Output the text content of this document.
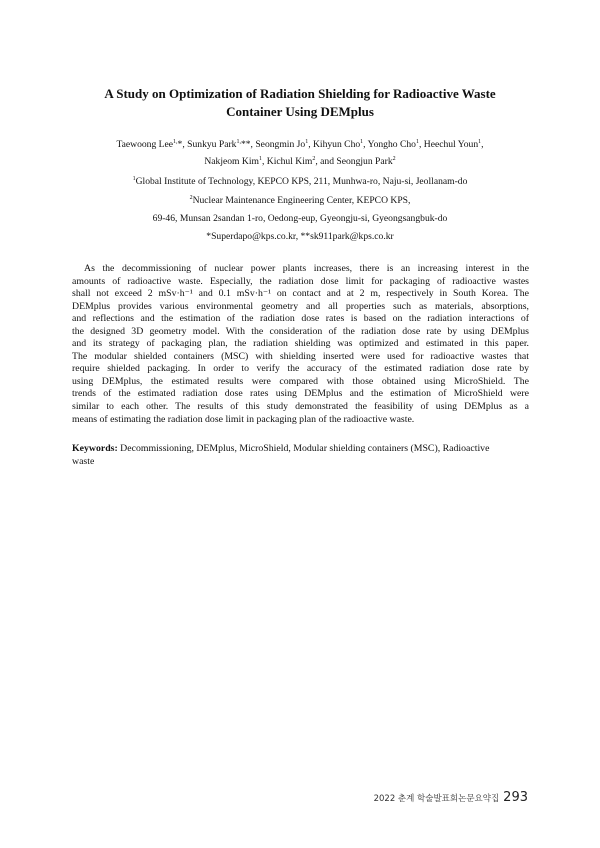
A Study on Optimization of Radiation Shielding for Radioactive Waste
Container Using DEMplus
Taewoong Lee$^{1,}$*, Sunkyu Park$^{1,}$**, Seongmin Jo$^1$, Kihyun Cho$^1$, Yongho Cho$^1$, Heechul Youn$^1$,
Nakjeom Kim$^1$, Kichul Kim$^2$, and Seongjun Park$^2$
$^1$Global Institute of Technology, KEPCO KPS, 211, Munhwa-ro, Naju-si, Jeollanam-do
$^2$Nuclear Maintenance Engineering Center, KEPCO KPS,
69-46, Munsan 2sandan 1-ro, Oedong-eup, Gyeongju-si, Gyeongsangbuk-do
*Superdapo@kps.co.kr, **sk911park@kps.co.kr
As the decommissioning of nuclear power plants increases, there is an increasing interest in the
amounts of radioactive waste. Especially, the radiation dose limit for packaging of radioactive wastes
shall not exceed 2 mSv·h⁻¹ and 0.1 mSv·h⁻¹ on contact and at 2 m, respectively in South Korea. The
DEMplus provides various environmental geometry and all properties such as materials, absorptions,
and reflections and the estimation of the radiation dose rates is based on the radiation interactions of
the designed 3D geometry model. With the consideration of the radiation dose rate by using DEMplus
and its strategy of packaging plan, the radiation shielding was optimized and estimated in this paper.
The modular shielded containers (MSC) with shielding inserted were used for radioactive wastes that
require shielded packaging. In order to verify the accuracy of the estimated radiation dose rate by
using DEMplus, the estimated results were compared with those obtained using MicroShield. The
trends of the estimated radiation dose rates using DEMplus and the estimation of MicroShield were
similar to each other. The results of this study demonstrated the feasibility of using DEMplus as a
means of estimating the radiation dose limit in packaging plan of the radioactive waste.
Keywords: Decommissioning, DEMplus, MicroShield, Modular shielding containers (MSC), Radioactive
waste
2022 춘계 학술발표회논문요약집 293
